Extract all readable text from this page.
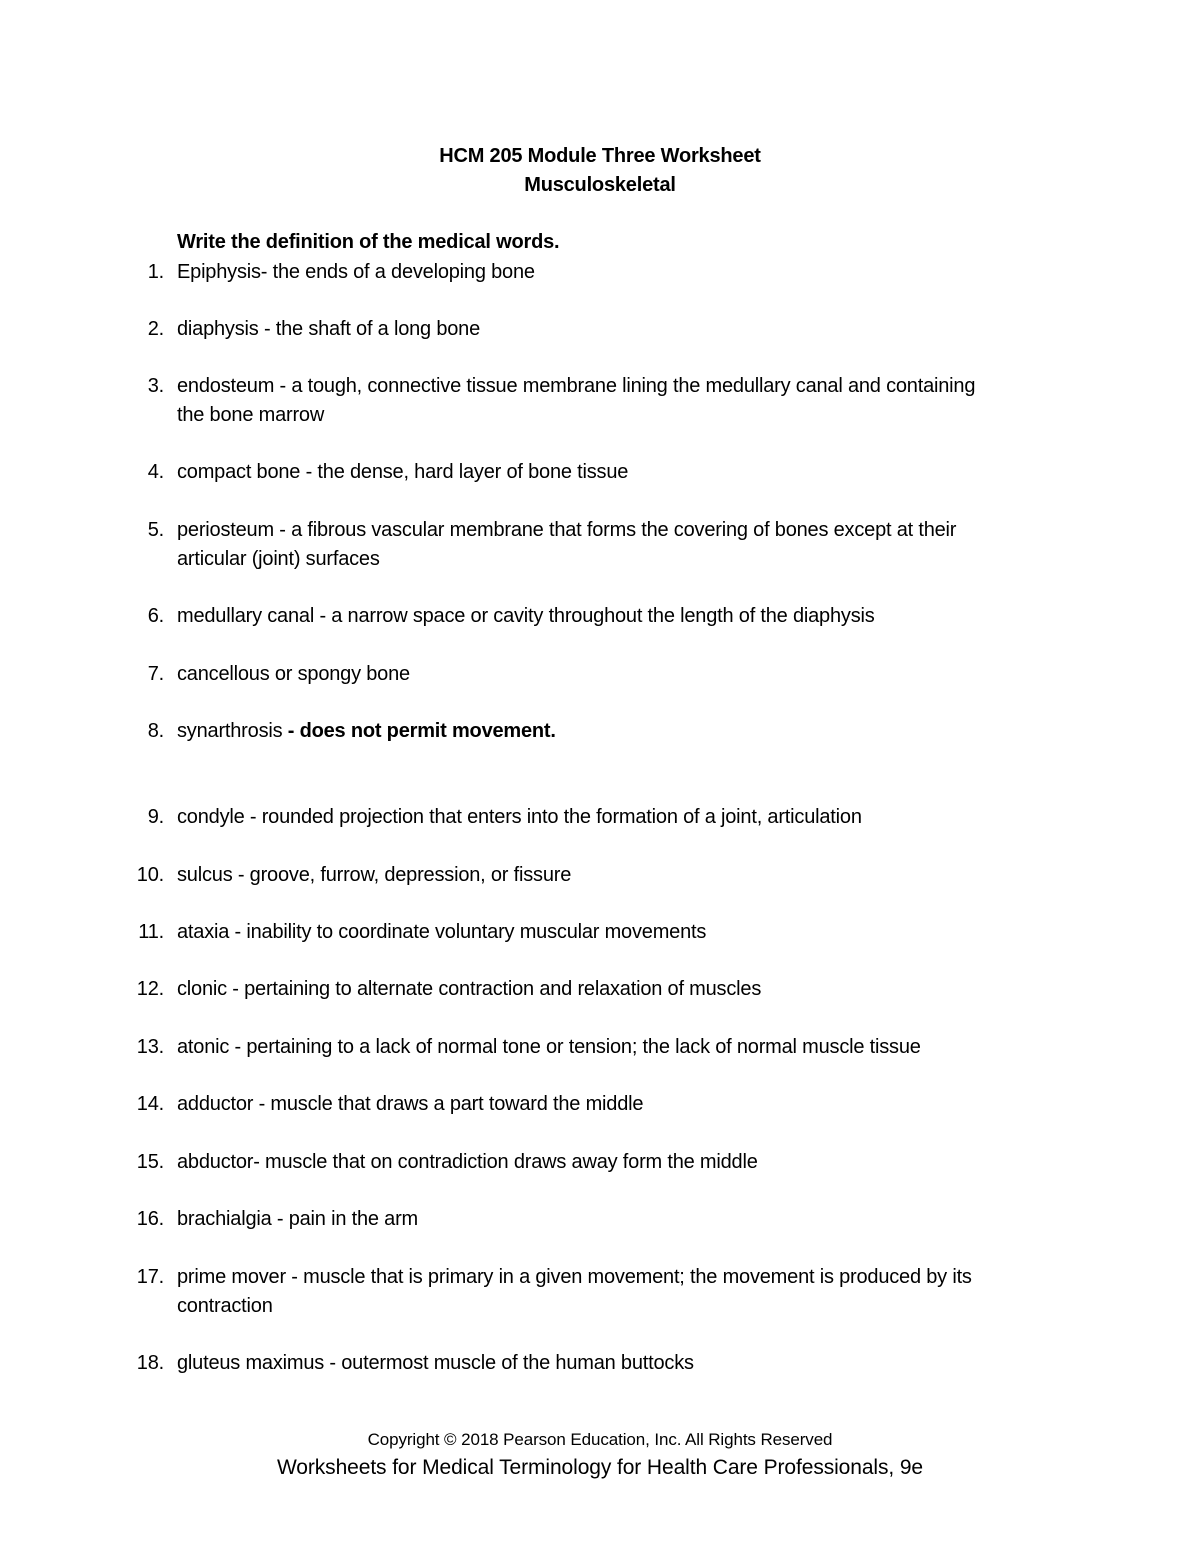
HCM 205 Module Three Worksheet
Musculoskeletal
Write the definition of the medical words.
1. Epiphysis- the ends of a developing bone
2. diaphysis - the shaft of a long bone
3. endosteum - a tough, connective tissue membrane lining the medullary canal and containing the bone marrow
4. compact bone - the dense, hard layer of bone tissue
5. periosteum - a fibrous vascular membrane that forms the covering of bones except at their articular (joint) surfaces
6. medullary canal - a narrow space or cavity throughout the length of the diaphysis
7. cancellous or spongy bone
8. synarthrosis - does not permit movement.
9. condyle - rounded projection that enters into the formation of a joint, articulation
10. sulcus - groove, furrow, depression, or fissure
11. ataxia - inability to coordinate voluntary muscular movements
12. clonic - pertaining to alternate contraction and relaxation of muscles
13. atonic - pertaining to a lack of normal tone or tension; the lack of normal muscle tissue
14. adductor - muscle that draws a part toward the middle
15. abductor- muscle that on contradiction draws away form the middle
16. brachialgia - pain in the arm
17. prime mover - muscle that is primary in a given movement; the movement is produced by its contraction
18. gluteus maximus - outermost muscle of the human buttocks
Copyright © 2018 Pearson Education, Inc. All Rights Reserved
Worksheets for Medical Terminology for Health Care Professionals, 9e
